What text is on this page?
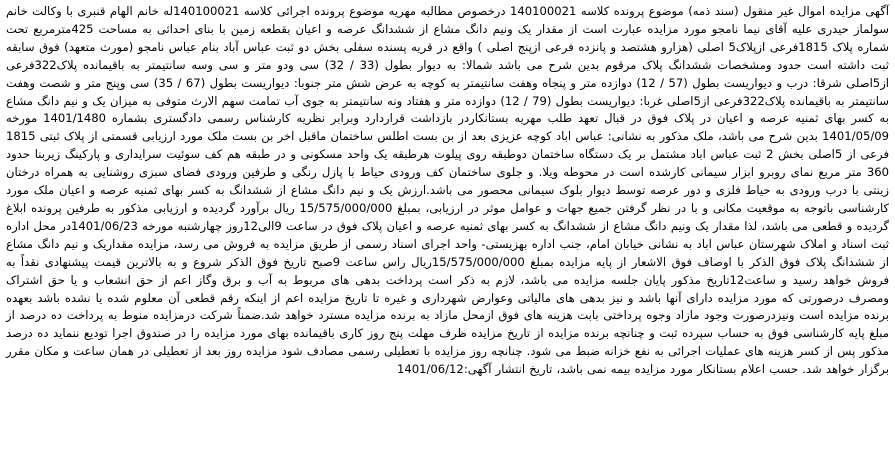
آگهی مزایده اموال غیر منقول (سند ذمه) موضوع پرونده کلاسه 140100021 درخصوص مطالبه مهریه موضوع پرونده اجرائی کلاسه 140100021له خانم الهام قنبری با وکالت خانم سولماز حیدری علیه آقای نیما نامجو مورد مزایده عبارت است از مقدار یک ونیم دانگ مشاع از ششدانگ عرصه و اعیان بقطعه زمین با بنای احداثی به مساحت 425مترمربع تحت شماره پلاک 1815فرعی ازپلاک5 اصلی (هزارو هشتصد و پانزده فرعی ازپنج اصلی ) واقع در قریه پسنده سفلی بخش دو ثبت عباس آباد بنام عباس نامجو (مورث متعهد) فوق سابقه ثبت داشته است حدود ومشخصات ششدانگ پلاک مرقوم بدین شرح می باشد شمالا: به دیوار بطول (33 / 32) سی ودو متر و سی وسه سانتیمتر به باقیمانده پلاک322فرعی از5اصلی شرقا: درب و دیواریست بطول (57 / 12) دوازده متر و پنجاه وهفت سانتیمتر به کوچه به عرض شش متر جنوبا: دیواریست بطول (67 / 35) سی وپنج متر و شصت وهفت سانتیمتر به باقیمانده پلاک322فرعی از5اصلی غربا: دیواریست بطول (79 / 12) دوازده متر و هفتاد ونه سانتیمتر به جوی آب تمامت سهم الارث متوفی به میزان یک و نیم دانگ مشاع به کسر بهای ثمنیه عرصه و اعیان در پلاک فوق در قبال تعهد طلب مهریه بستانکاردر بازداشت قراردارد وبرابر نظریه کارشناس رسمی دادگستری بشماره 1401/1480 مورخه 1401/05/09 بدین شرح می باشد، ملک مذکور به نشانی: عباس اباد کوچه عزیزی بعد از بن بست اطلس ساختمان ماقبل اخر بن بست ملک مورد ارزیابی قسمتی از پلاک ثبتی 1815 فرعی از 5اصلی بخش 2 ثبت عباس اباد مشتمل بر یک دستگاه ساختمان دوطبقه روی پیلوت هرطبقه یک واحد مسکونی و در طبقه هم کف سوئیت سرایداری و پارکینگ زیربنا حدود 360 متر مربع نمای روبرو ابزار سیمانی کارشده است در محوطه ویلا. و جلوی ساختمان کف ورودی حیاط با پازل رنگی و طرفین ورودی فضای سبزی روشنایی به همراه درختان زینتی با درب ورودی به حیاط فلزی و دور عرصه توسط دیوار بلوک سیمانی محصور می باشد.ارزش یک و نیم دانگ مشاع از ششدانگ به کسر بهای ثمنیه عرصه و اعیان ملک مورد کارشناسی باتوجه به موقعیت مکانی و با در نظر گرفتن جمیع جهات و عوامل موثر در ارزیابی، بمبلغ 15/575/000/000 ریال برآورد گردیده و ارزیابی مذکور به طرفین پرونده ابلاغ گردیده و قطعی می باشد، لذا مقدار یک ونیم دانگ مشاع از ششدانگ به کسر بهای ثمنیه عرصه و اعیان پلاک فوق در ساعت 9الی12روز چهارشنبه مورخه 1401/06/23در محل اداره ثبت اسناد و املاک شهرستان عباس اباد به نشانی خیابان امام، جنب اداره بهزیستی- واحد اجرای اسناد رسمی از طریق مزایده به فروش می رسد، مزایده مقداریک و نیم دانگ مشاع از ششدانگ پلاک فوق الذکر با اوصاف فوق الاشعار از پایه مزایده بمبلغ 15/575/000/000ریال راس ساعت 9صبح تاریخ فوق الذکر شروع و به بالاترین قیمت پیشنهادی نقداً به فروش خواهد رسید و ساعت12تاریخ مذکور پایان جلسه مزایده می باشد، لازم به ذکر است پرداخت بدهی های مربوط به آب و برق وگاز اعم از حق انشعاب و یا حق اشتراک ومصرف درصورتی که مورد مزایده دارای آنها باشد و نیز بدهی های مالیاتی وعوارض شهرداری و غیره تا تاریخ مزایده اعم از اینکه رقم قطعی آن معلوم شده یا نشده باشد بعهده برنده مزایده است ونیزدرصورت وجود مازاد وجوه پرداختی بابت هزینه های فوق ازمحل مازاد به برنده مزایده مسترد خواهد شد.ضمناً شرکت درمزایده منوط به پرداخت ده درصد از مبلغ پایه کارشناسی فوق به حساب سپرده ثبت و چنانچه برنده مزایده از تاریخ مزایده ظرف مهلت پنج روز کاری باقیمانده بهای مورد مزایده را در صندوق اجرا تودیع ننماید ده درصد مذکور پس از کسر هزینه های عملیات اجرائی به نفع خزانه ضبط می شود. چنانچه روز مزایده با تعطیلی رسمی مصادف شود مزایده روز بعد از تعطیلی در همان ساعت و مکان مقرر برگزار خواهد شد. حسب اعلام بستانکار مورد مزایده بیمه نمی باشد، تاریخ انتشار آگهی:1401/06/12
